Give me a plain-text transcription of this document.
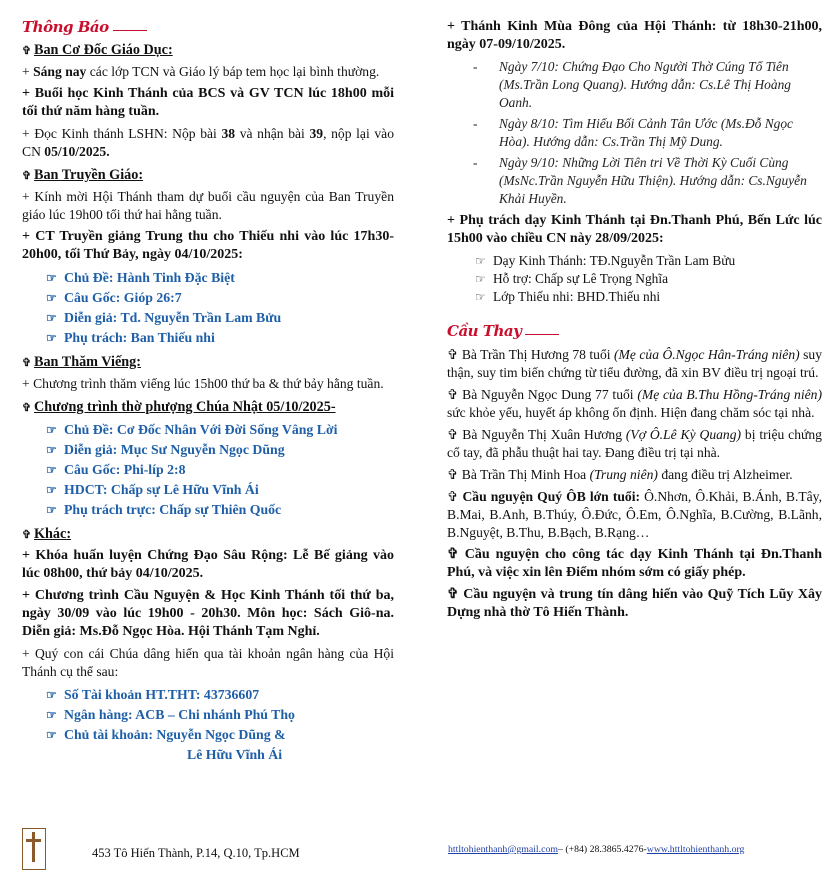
Thông Báo
✞ Ban Cơ Đốc Giáo Dục:

+ Sáng nay các lớp TCN và Giáo lý báp tem học lại bình thường.

+ Buổi học Kinh Thánh của BCS và GV TCN lúc 18h00 mỗi tối thứ năm hàng tuần.

+ Đọc Kinh thánh LSHN: Nộp bài 38 và nhận bài 39, nộp lại vào CN 05/10/2025.

✞ Ban Truyền Giáo:

+ Kính mời Hội Thánh tham dự buổi cầu nguyện của Ban Truyền giáo lúc 19h00 tối thứ hai hằng tuần.

+ CT Truyền giảng Trung thu cho Thiếu nhi vào lúc 17h30-20h00, tối Thứ Bảy, ngày 04/10/2025:

☞ Chủ Đề: Hành Tinh Đặc Biệt
☞ Câu Gốc: Gióp 26:7
☞ Diễn giả: Td. Nguyễn Trần Lam Bửu
☞ Phụ trách: Ban Thiếu nhi
✞ Ban Thăm Viếng:

+ Chương trình thăm viếng lúc 15h00 thứ ba & thứ bảy hằng tuần.

✞ Chương trình thờ phượng Chúa Nhật 05/10/2025-
☞ Chủ Đề: Cơ Đốc Nhân Với Đời Sống Vâng Lời
☞ Diễn giả: Mục Sư Nguyễn Ngọc Dũng
☞ Câu Gốc: Phi-líp 2:8
☞ HDCT: Chấp sự Lê Hữu Vĩnh Ái
☞ Phụ trách trực: Chấp sự Thiên Quốc
✞ Khác:

+ Khóa huấn luyện Chứng Đạo Sâu Rộng: Lễ Bế giảng vào lúc 08h00, thứ bảy 04/10/2025.

+ Chương trình Cầu Nguyện & Học Kinh Thánh tối thứ ba, ngày 30/09 vào lúc 19h00 - 20h30. Môn học: Sách Giô-na. Diễn giả: Ms.Đỗ Ngọc Hòa. Hội Thánh Tạm Nghỉ.

+ Quý con cái Chúa dâng hiến qua tài khoản ngân hàng của Hội Thánh cụ thể sau:

☞ Số Tài khoản HT.THT: 43736607
☞ Ngân hàng: ACB – Chi nhánh Phú Thọ
☞ Chủ tài khoản: Nguyễn Ngọc Dũng &
Lê Hữu Vĩnh Ái

+ Thánh Kinh Mùa Đông của Hội Thánh: từ 18h30-21h00, ngày 07-09/10/2025.

- Ngày 7/10: Chứng Đạo Cho Người Thờ Cúng Tổ Tiên (Ms.Trần Long Quang). Hướng dẫn: Cs.Lê Thị Hoàng Oanh.
- Ngày 8/10: Tìm Hiểu Bối Cảnh Tân Ước (Ms.Đỗ Ngọc Hòa). Hướng dẫn: Cs.Trần Thị Mỹ Dung.
- Ngày 9/10: Những Lời Tiên tri Về Thời Kỳ Cuối Cùng (MsNc.Trần Nguyễn Hữu Thiện). Hướng dẫn: Cs.Nguyễn Khải Huyền.

+ Phụ trách dạy Kinh Thánh tại Đn.Thanh Phú, Bến Lức lúc 15h00 vào chiều CN này 28/09/2025:

☞ Dạy Kinh Thánh: TĐ.Nguyễn Trần Lam Bửu
☞ Hỗ trợ: Chấp sự Lê Trọng Nghĩa
☞ Lớp Thiếu nhi: BHD.Thiếu nhi
Cầu Thay

✞ Bà Trần Thị Hương 78 tuổi (Mẹ của Ô.Ngọc Hân-Tráng niên) suy thận, suy tim biến chứng từ tiểu đường, đã xin BV điều trị ngoại trú.

✞ Bà Nguyễn Ngọc Dung 77 tuổi (Mẹ của B.Thu Hồng-Tráng niên) sức khỏe yếu, huyết áp không ổn định. Hiện đang chăm sóc tại nhà.

✞ Bà Nguyễn Thị Xuân Hương (Vợ Ô.Lê Kỳ Quang) bị triệu chứng cổ tay, đã phẫu thuật hai tay. Đang điều trị tại nhà.

✞ Bà Trần Thị Minh Hoa (Trung niên) đang điều trị Alzheimer.

✞ Cầu nguyện Quý ÔB lớn tuổi: Ô.Nhơn, Ô.Khải, B.Ánh, B.Tây, B.Mai, B.Anh, B.Thúy, Ô.Đức, Ô.Em, Ô.Nghĩa, B.Cường, B.Lãnh, B.Nguyệt, B.Thu, B.Bạch, B.Rạng…

✞ Cầu nguyện cho công tác dạy Kinh Thánh tại Đn.Thanh Phú, và việc xin lên Điểm nhóm sớm có giấy phép.

✞ Cầu nguyện và trung tín dâng hiến vào Quỹ Tích Lũy Xây Dựng nhà thờ Tô Hiến Thành.

453 Tô Hiến Thành, P.14, Q.10, Tp.HCM	httltohienthanh@gmail.com– (+84) 28.3865.4276-www.httltohienthanh.org
